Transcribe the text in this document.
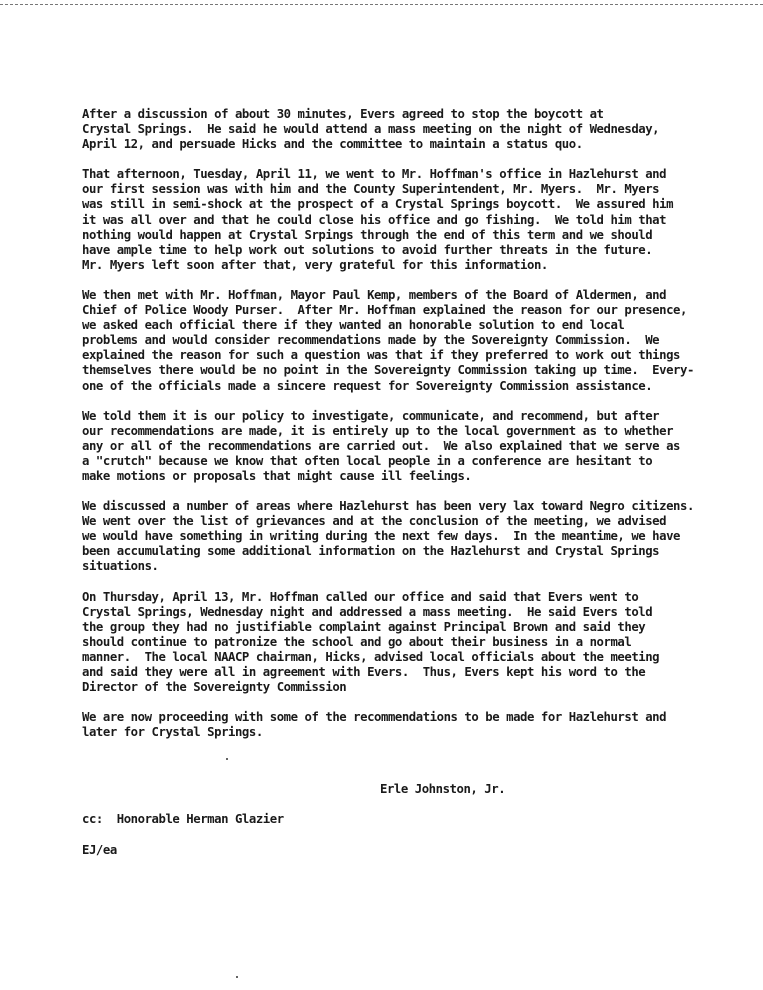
After a discussion of about 30 minutes, Evers agreed to stop the boycott at
Crystal Springs.  He said he would attend a mass meeting on the night of Wednesday,
April 12, and persuade Hicks and the committee to maintain a status quo.
That afternoon, Tuesday, April 11, we went to Mr. Hoffman's office in Hazlehurst and
our first session was with him and the County Superintendent, Mr. Myers.  Mr. Myers
was still in semi-shock at the prospect of a Crystal Springs boycott.  We assured him
it was all over and that he could close his office and go fishing.  We told him that
nothing would happen at Crystal Srpings through the end of this term and we should
have ample time to help work out solutions to avoid further threats in the future.
Mr. Myers left soon after that, very grateful for this information.
We then met with Mr. Hoffman, Mayor Paul Kemp, members of the Board of Aldermen, and
Chief of Police Woody Purser.  After Mr. Hoffman explained the reason for our presence,
we asked each official there if they wanted an honorable solution to end local
problems and would consider recommendations made by the Sovereignty Commission.  We
explained the reason for such a question was that if they preferred to work out things
themselves there would be no point in the Sovereignty Commission taking up time.  Every-
one of the officials made a sincere request for Sovereignty Commission assistance.
We told them it is our policy to investigate, communicate, and recommend, but after
our recommendations are made, it is entirely up to the local government as to whether
any or all of the recommendations are carried out.  We also explained that we serve as
a "crutch" because we know that often local people in a conference are hesitant to
make motions or proposals that might cause ill feelings.
We discussed a number of areas where Hazlehurst has been very lax toward Negro citizens.
We went over the list of grievances and at the conclusion of the meeting, we advised
we would have something in writing during the next few days.  In the meantime, we have
been accumulating some additional information on the Hazlehurst and Crystal Springs
situations.
On Thursday, April 13, Mr. Hoffman called our office and said that Evers went to
Crystal Springs, Wednesday night and addressed a mass meeting.  He said Evers told
the group they had no justifiable complaint against Principal Brown and said they
should continue to patronize the school and go about their business in a normal
manner.  The local NAACP chairman, Hicks, advised local officials about the meeting
and said they were all in agreement with Evers.  Thus, Evers kept his word to the
Director of the Sovereignty Commission
We are now proceeding with some of the recommendations to be made for Hazlehurst and
later for Crystal Springs.
Erle Johnston, Jr.
cc:  Honorable Herman Glazier
EJ/ea
